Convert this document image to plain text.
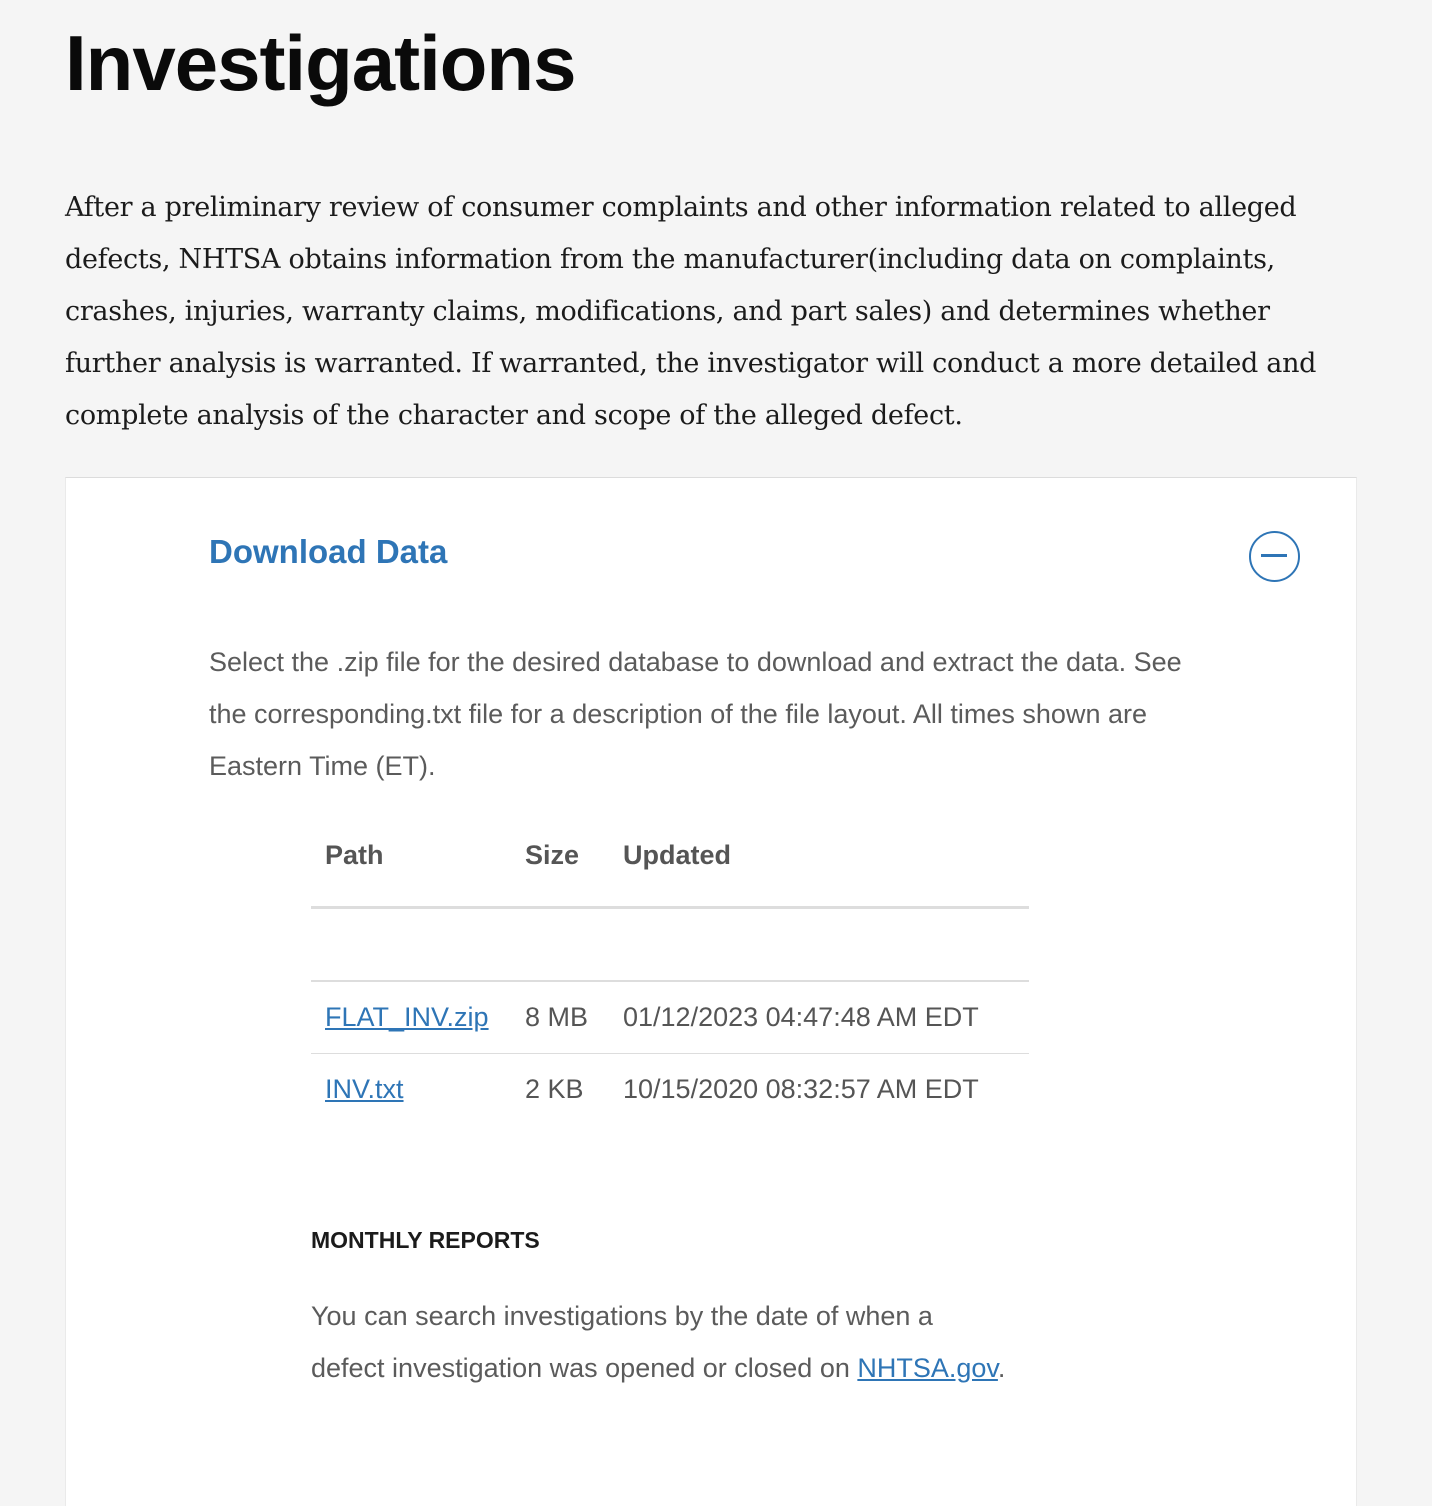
Investigations

After a preliminary review of consumer complaints and other information related to alleged defects, NHTSA obtains information from the manufacturer(including data on complaints, crashes, injuries, warranty claims, modifications, and part sales) and determines whether further analysis is warranted. If warranted, the investigator will conduct a more detailed and complete analysis of the character and scope of the alleged defect.

Download Data

Select the .zip file for the desired database to download and extract the data. See the corresponding.txt file for a description of the file layout. All times shown are Eastern Time (ET).

Path	Size	Updated

FLAT_INV.zip	8 MB	01/12/2023 04:47:48 AM EDT
INV.txt	2 KB	10/15/2020 08:32:57 AM EDT
MONTHLY REPORTS

You can search investigations by the date of when a defect investigation was opened or closed on NHTSA.gov.
